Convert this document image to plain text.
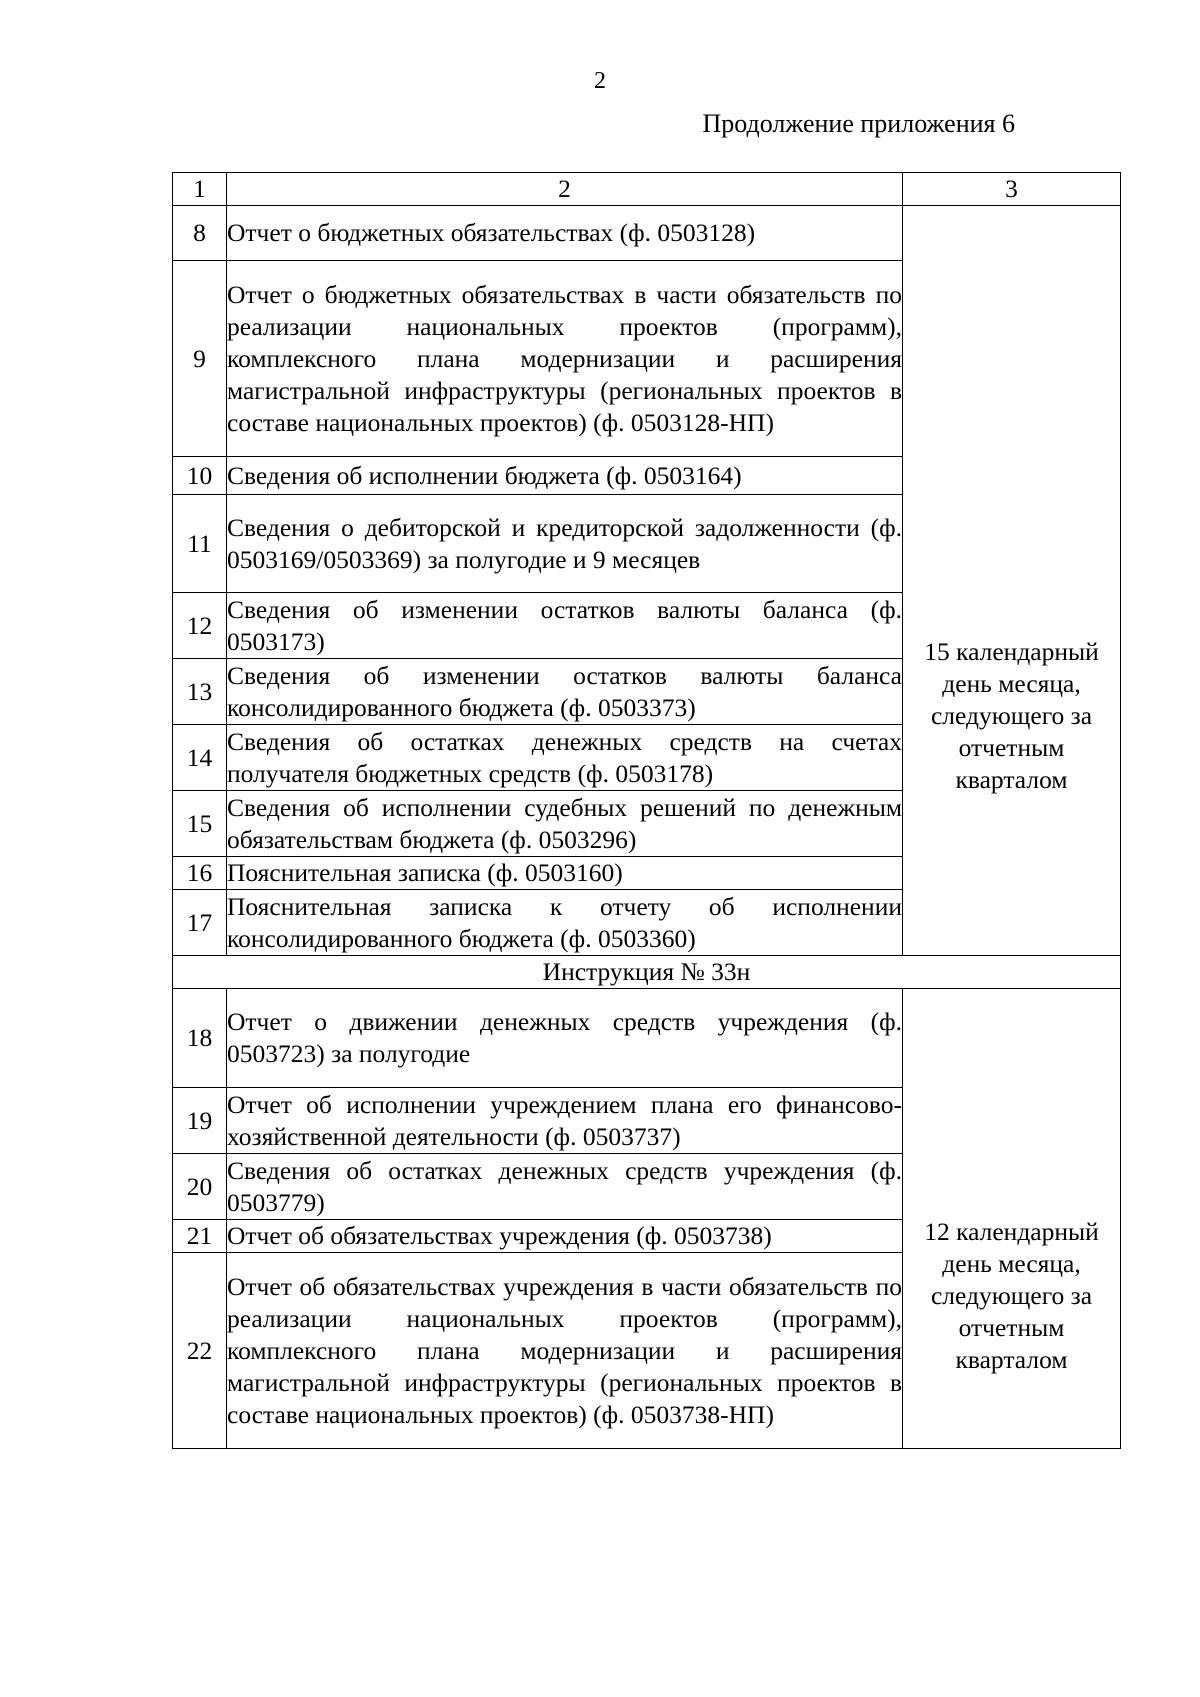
2
Продолжение приложения 6
1	2	3
8	Отчет о бюджетных обязательствах (ф. 0503128)	15 календарный день месяца, следующего за отчетным кварталом

9	Отчет о бюджетных обязательствах в части обязательств по реализации национальных проектов (программ), комплексного плана модернизации и расширения магистральной инфраструктуры (региональных проектов в составе национальных проектов) (ф. 0503128-НП)	
10	Сведения об исполнении бюджета (ф. 0503164)	
11	Сведения о дебиторской и кредиторской задолженности (ф. 0503169/0503369) за полугодие и 9 месяцев	
12	Сведения об изменении остатков валюты баланса (ф. 0503173)	
13	Сведения об изменении остатков валюты баланса консолидированного бюджета (ф. 0503373)	
14	Сведения об остатках денежных средств на счетах получателя бюджетных средств (ф. 0503178)	
15	Сведения об исполнении судебных решений по денежным обязательствам бюджета (ф. 0503296)	
16	Пояснительная записка (ф. 0503160)	
17	Пояснительная записка к отчету об исполнении консолидированного бюджета (ф. 0503360)	
Инструкция № 33н		
18	Отчет о движении денежных средств учреждения (ф. 0503723) за полугодие	12 календарный день месяца, следующего за отчетным кварталом

19	Отчет об исполнении учреждением плана его финансово-хозяйственной деятельности (ф. 0503737)	
20	Сведения об остатках денежных средств учреждения (ф. 0503779)	
21	Отчет об обязательствах учреждения (ф. 0503738)	
22	Отчет об обязательствах учреждения в части обязательств по реализации национальных проектов (программ), комплексного плана модернизации и расширения магистральной инфраструктуры (региональных проектов в составе национальных проектов) (ф. 0503738-НП)	
